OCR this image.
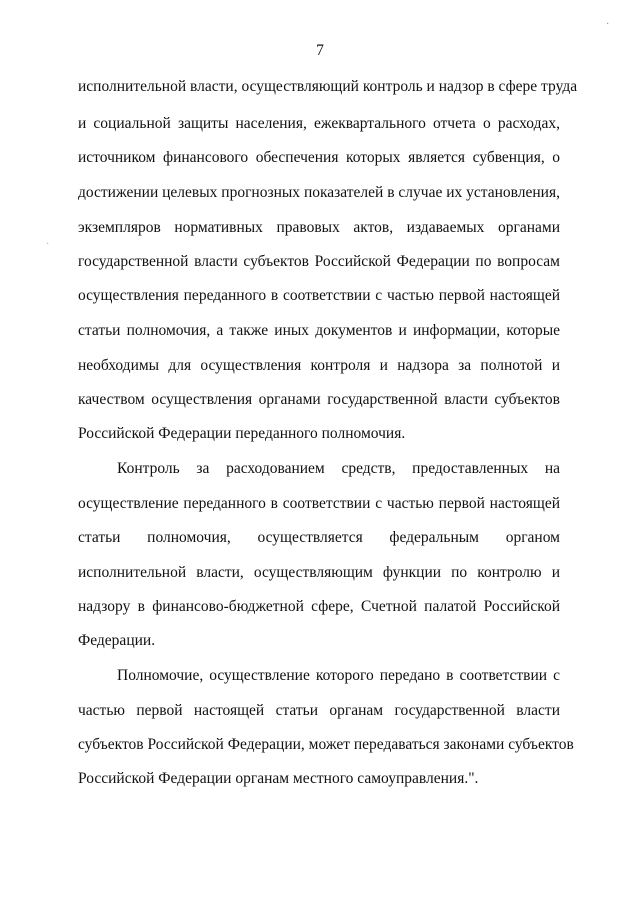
·
·
7
исполнительной власти, осуществляющий контроль и надзор в сфере труда
и социальной защиты населения, ежеквартального отчета о расходах,
источником финансового обеспечения которых является субвенция, о
достижении целевых прогнозных показателей в случае их установления,
экземпляров нормативных правовых актов, издаваемых органами
государственной власти субъектов Российской Федерации по вопросам
осуществления переданного в соответствии с частью первой настоящей
статьи полномочия, а также иных документов и информации, которые
необходимы для осуществления контроля и надзора за полнотой и
качеством осуществления органами государственной власти субъектов
Российской Федерации переданного полномочия.
Контроль за расходованием средств, предоставленных на
осуществление переданного в соответствии с частью первой настоящей
статьи полномочия, осуществляется федеральным органом
исполнительной власти, осуществляющим функции по контролю и
надзору в финансово-бюджетной сфере, Счетной палатой Российской
Федерации.
Полномочие, осуществление которого передано в соответствии с
частью первой настоящей статьи органам государственной власти
субъектов Российской Федерации, может передаваться законами субъектов
Российской Федерации органам местного самоуправления.".
